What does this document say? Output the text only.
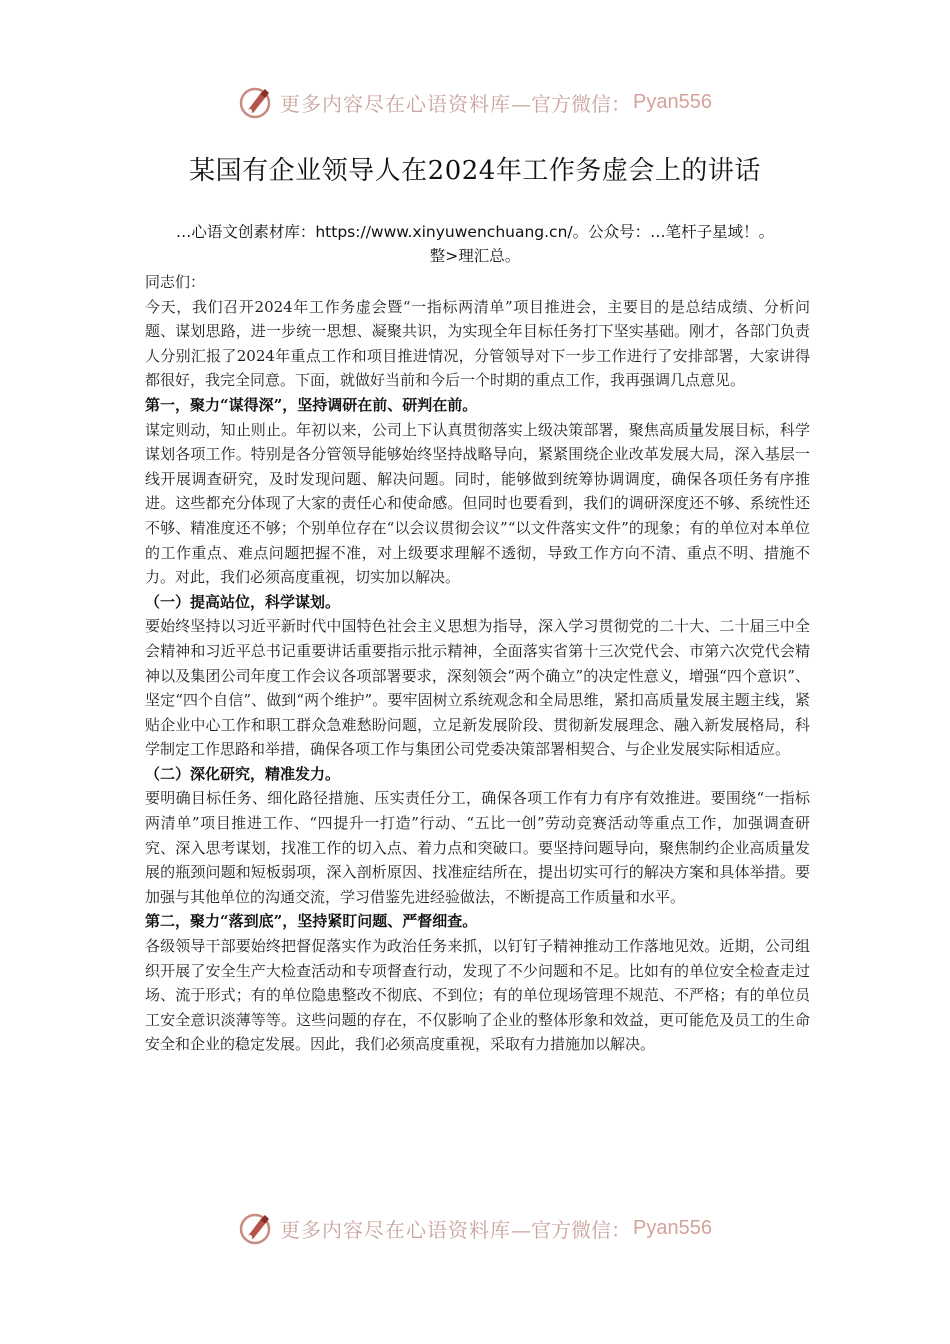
更多内容尽在心语资料库 —官方微信： Pyan556
某国有企业领导人在2024年工作务虚会上的讲话
…心语文创素材库：https://www.xinyuwenchuang.cn/。公众号：…笔杆子星域！。
整>理汇总。

同志们：

今天，我们召开2024年工作务虚会暨“一指标两清单”项目推进会，主要目的是总结成绩、分析问题、谋划思路，进一步统一思想、凝聚共识，为实现全年目标任务打下坚实基础。刚才，各部门负责人分别汇报了2024年重点工作和项目推进情况，分管领导对下一步工作进行了安排部署，大家讲得都很好，我完全同意。下面，就做好当前和今后一个时期的重点工作，我再强调几点意见。

第一，聚力“谋得深”，坚持调研在前、研判在前。

谋定则动，知止则止。年初以来，公司上下认真贯彻落实上级决策部署，聚焦高质量发展目标，科学谋划各项工作。特别是各分管领导能够始终坚持战略导向，紧紧围绕企业改革发展大局，深入基层一线开展调查研究，及时发现问题、解决问题。同时，能够做到统筹协调调度，确保各项任务有序推进。这些都充分体现了大家的责任心和使命感。但同时也要看到，我们的调研深度还不够、系统性还不够、精准度还不够；个别单位存在“以会议贯彻会议”“以文件落实文件”的现象；有的单位对本单位的工作重点、难点问题把握不准，对上级要求理解不透彻，导致工作方向不清、重点不明、措施不力。对此，我们必须高度重视，切实加以解决。

（一）提高站位，科学谋划。

要始终坚持以习近平新时代中国特色社会主义思想为指导，深入学习贯彻党的二十大、二十届三中全会精神和习近平总书记重要讲话重要指示批示精神，全面落实省第十三次党代会、市第六次党代会精神以及集团公司年度工作会议各项部署要求，深刻领会“两个确立”的决定性意义，增强“四个意识”、坚定“四个自信”、做到“两个维护”。要牢固树立系统观念和全局思维，紧扣高质量发展主题主线，紧贴企业中心工作和职工群众急难愁盼问题，立足新发展阶段、贯彻新发展理念、融入新发展格局，科学制定工作思路和举措，确保各项工作与集团公司党委决策部署相契合、与企业发展实际相适应。

（二）深化研究，精准发力。

要明确目标任务、细化路径措施、压实责任分工，确保各项工作有力有序有效推进。要围绕“一指标两清单”项目推进工作、“四提升一打造”行动、“五比一创”劳动竞赛活动等重点工作，加强调查研究、深入思考谋划，找准工作的切入点、着力点和突破口。要坚持问题导向，聚焦制约企业高质量发展的瓶颈问题和短板弱项，深入剖析原因、找准症结所在，提出切实可行的解决方案和具体举措。要加强与其他单位的沟通交流，学习借鉴先进经验做法，不断提高工作质量和水平。

第二，聚力“落到底”，坚持紧盯问题、严督细查。

各级领导干部要始终把督促落实作为政治任务来抓，以钉钉子精神推动工作落地见效。近期，公司组织开展了安全生产大检查活动和专项督查行动，发现了不少问题和不足。比如有的单位安全检查走过场、流于形式；有的单位隐患整改不彻底、不到位；有的单位现场管理不规范、不严格；有的单位员工安全意识淡薄等等。这些问题的存在，不仅影响了企业的整体形象和效益，更可能危及员工的生命安全和企业的稳定发展。因此，我们必须高度重视，采取有力措施加以解决。

更多内容尽在心语资料库 —官方微信： Pyan556
